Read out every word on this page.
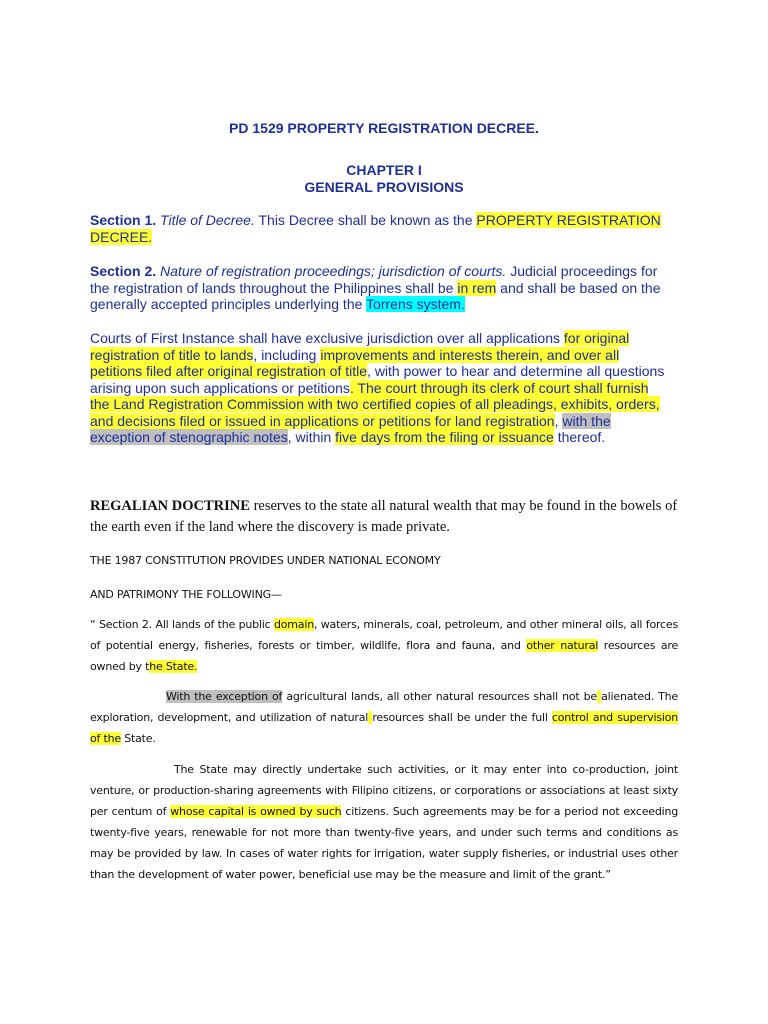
PD 1529 PROPERTY REGISTRATION DECREE.

CHAPTER I
GENERAL PROVISIONS

Section 1. Title of Decree. This Decree shall be known as the PROPERTY REGISTRATION DECREE.

Section 2. Nature of registration proceedings; jurisdiction of courts. Judicial proceedings for the registration of lands throughout the Philippines shall be in rem and shall be based on the generally accepted principles underlying the Torrens system.

Courts of First Instance shall have exclusive jurisdiction over all applications for original registration of title to lands, including improvements and interests therein, and over all petitions filed after original registration of title, with power to hear and determine all questions arising upon such applications or petitions. The court through its clerk of court shall furnish the Land Registration Commission with two certified copies of all pleadings, exhibits, orders, and decisions filed or issued in applications or petitions for land registration, with the exception of stenographic notes, within five days from the filing or issuance thereof.

REGALIAN DOCTRINE reserves to the state all natural wealth that may be found in the bowels of the earth even if the land where the discovery is made private.

THE 1987 CONSTITUTION PROVIDES UNDER NATIONAL ECONOMY

AND PATRIMONY THE FOLLOWING—

“ Section 2. All lands of the public domain, waters, minerals, coal, petroleum, and other mineral oils, all forces of potential energy, fisheries, forests or timber, wildlife, flora and fauna, and other natural resources are owned by the State.

With the exception of agricultural lands, all other natural resources shall not be alienated. The exploration, development, and utilization of natural resources shall be under the full control and supervision of the State.

The State may directly undertake such activities, or it may enter into co-production, joint venture, or production-sharing agreements with Filipino citizens, or corporations or associations at least sixty per centum of whose capital is owned by such citizens. Such agreements may be for a period not exceeding twenty-five years, renewable for not more than twenty-five years, and under such terms and conditions as may be provided by law. In cases of water rights for irrigation, water supply fisheries, or industrial uses other than the development of water power, beneficial use may be the measure and limit of the grant.”
